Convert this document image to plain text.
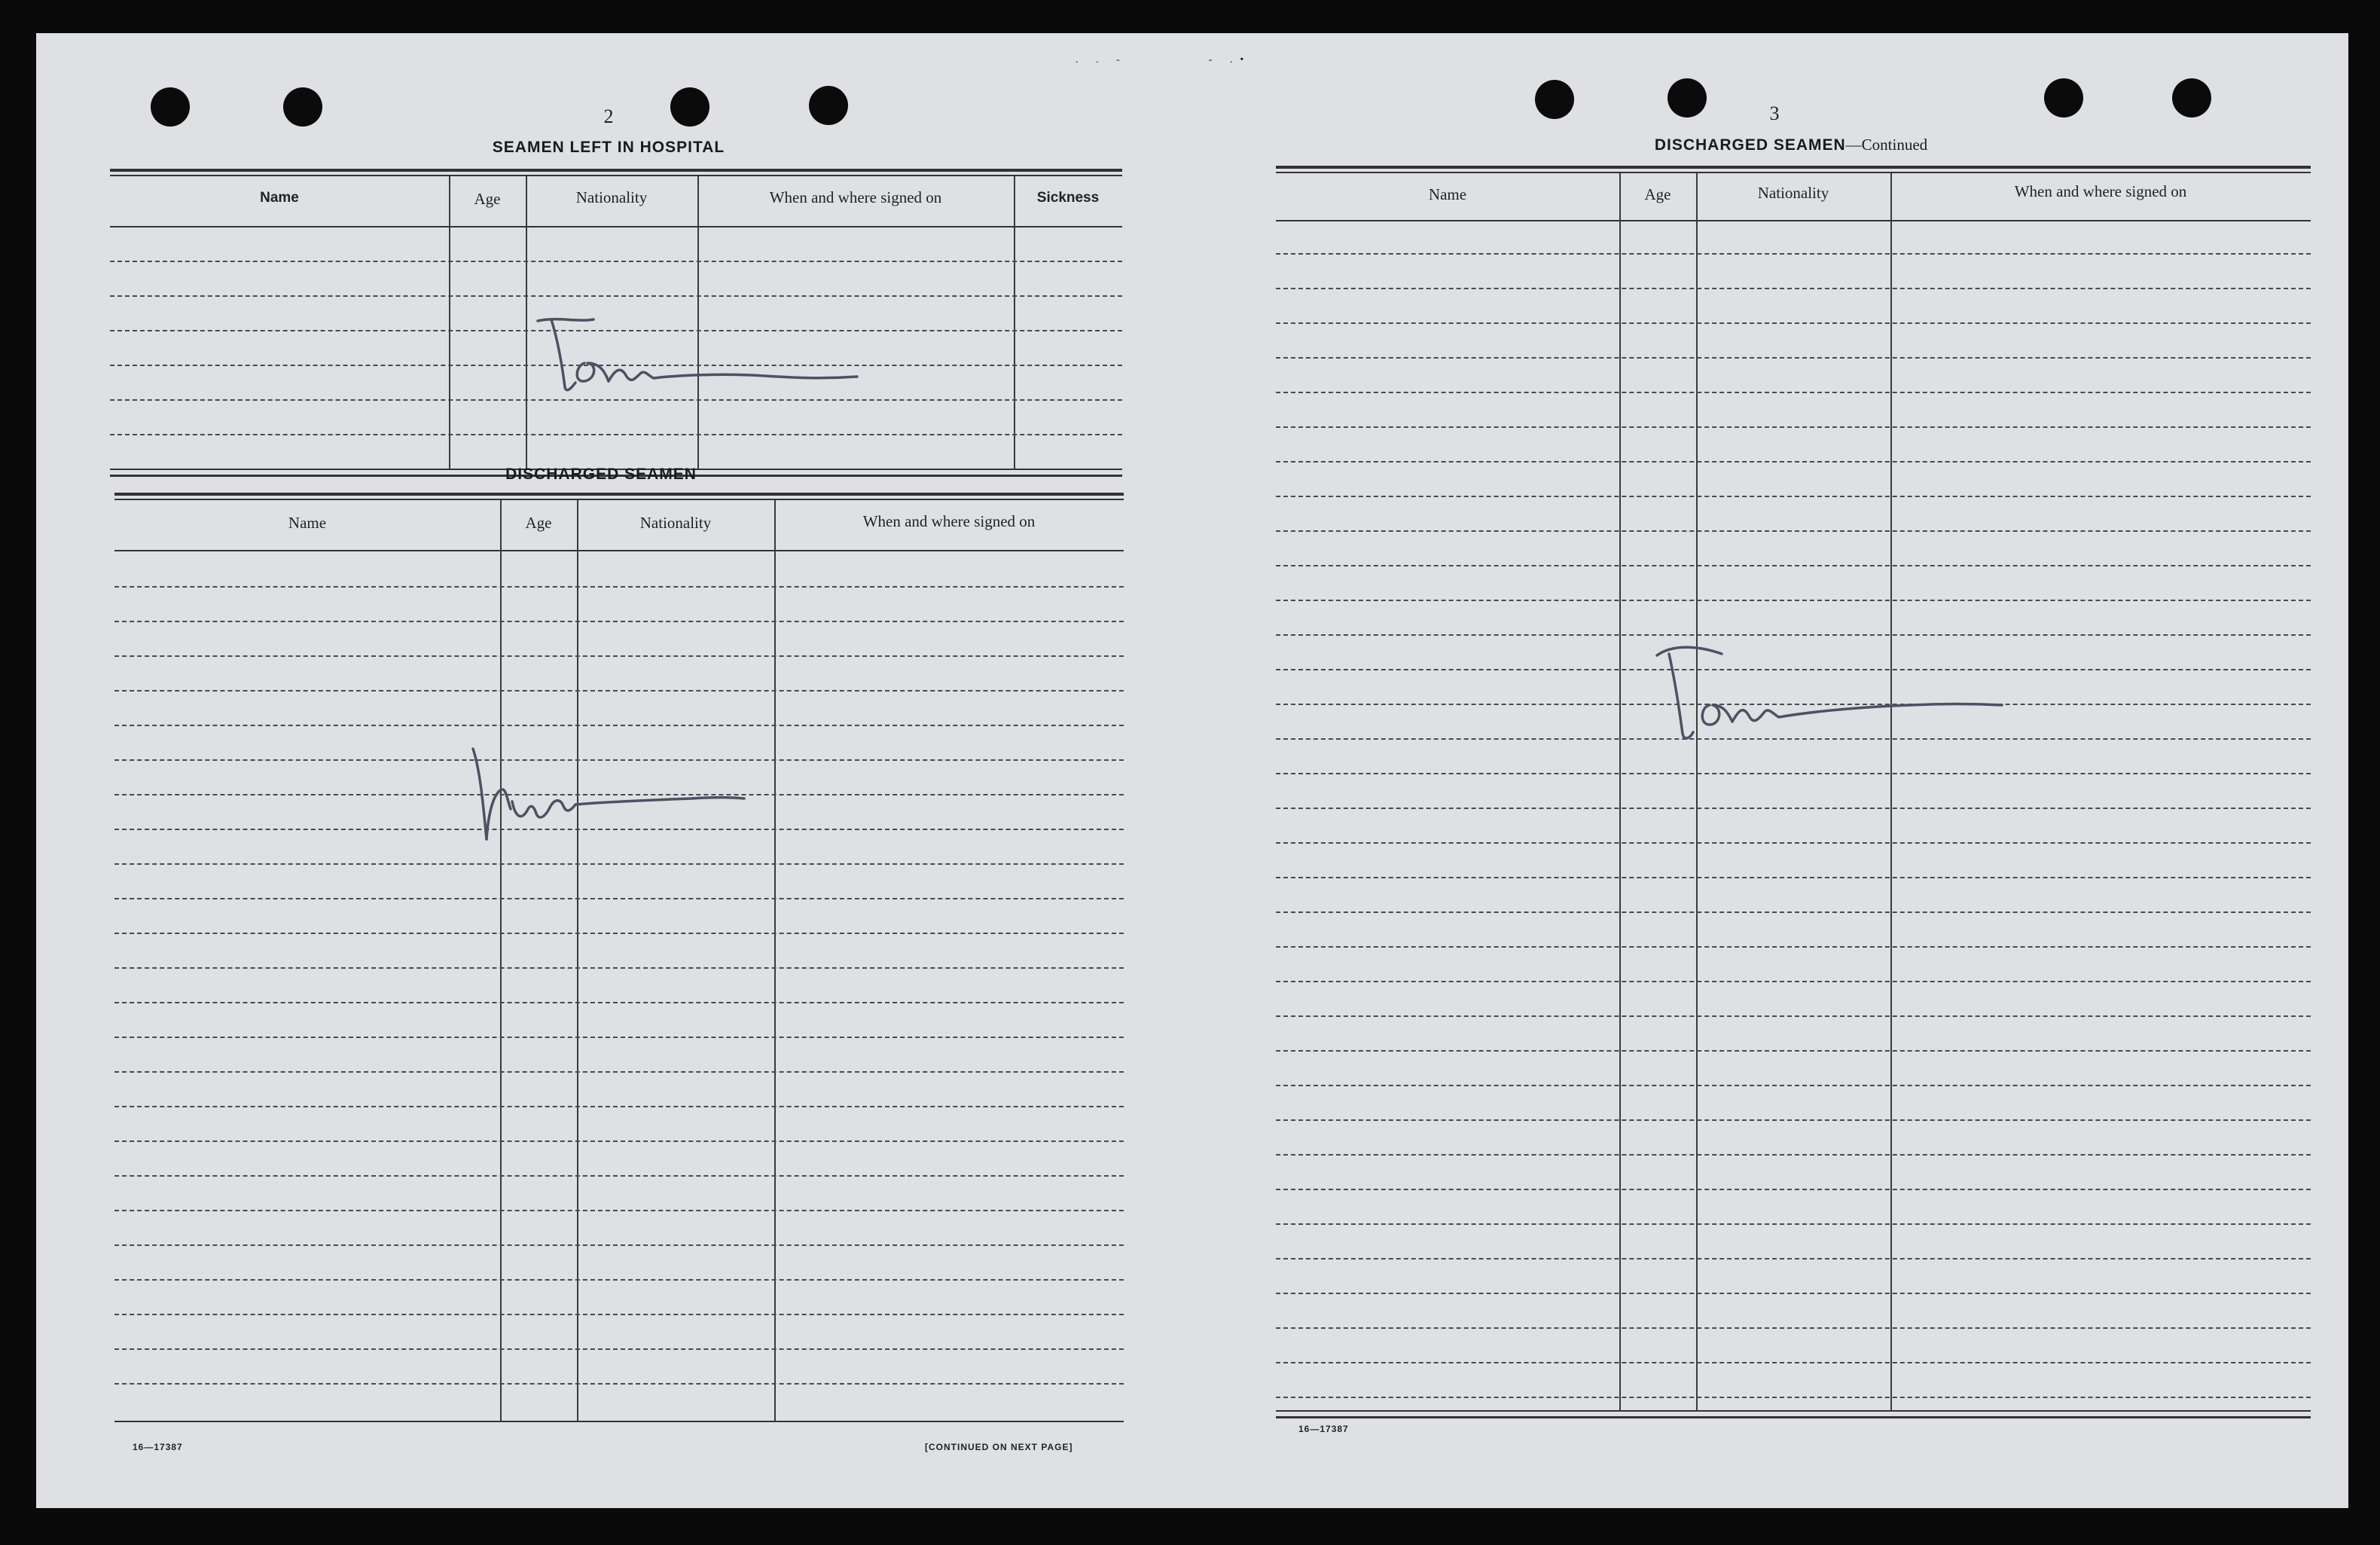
. . -        - .•
2
SEAMEN LEFT IN HOSPITAL
Name	Age	Nationality	When and where signed on	Sickness
DISCHARGED SEAMEN
Name	Age	Nationality	When and where signed on
16—17387	[CONTINUED ON NEXT PAGE]
3
DISCHARGED SEAMEN—Continued
Name	Age	Nationality	When and where signed on
16—17387
